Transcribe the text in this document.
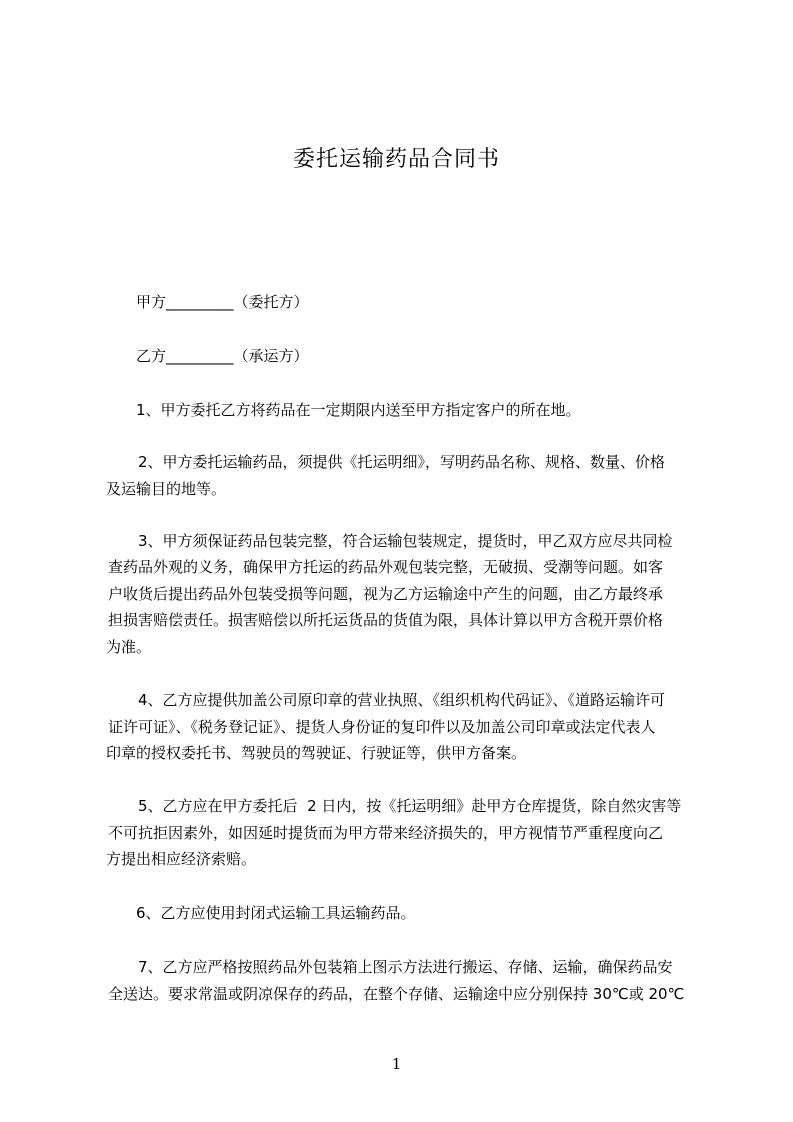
委托运输药品合同书
甲方_________（委托方）
乙方_________（承运方）
1、甲方委托乙方将药品在一定期限内送至甲方指定客户的所在地。
2、甲方委托运输药品，须提供《托运明细》，写明药品名称、规格、数量、价格
及运输目的地等。
3、甲方须保证药品包装完整，符合运输包装规定，提货时，甲乙双方应尽共同检
查药品外观的义务，确保甲方托运的药品外观包装完整，无破损、受潮等问题。如客
户收货后提出药品外包装受损等问题，视为乙方运输途中产生的问题，由乙方最终承
担损害赔偿责任。损害赔偿以所托运货品的货值为限，具体计算以甲方含税开票价格
为准。
4、乙方应提供加盖公司原印章的营业执照、《组织机构代码证》、《道路运输许可
证许可证》、《税务登记证》、提货人身份证的复印件以及加盖公司印章或法定代表人
印章的授权委托书、驾驶员的驾驶证、行驶证等，供甲方备案。
5、乙方应在甲方委托后  2 日内，按《托运明细》赴甲方仓库提货，除自然灾害等
不可抗拒因素外，如因延时提货而为甲方带来经济损失的，甲方视情节严重程度向乙
方提出相应经济索赔。
6、乙方应使用封闭式运输工具运输药品。
7、乙方应严格按照药品外包装箱上图示方法进行搬运、存储、运输，确保药品安
全送达。要求常温或阴凉保存的药品，在整个存储、运输途中应分别保持 30℃或 20℃
1
